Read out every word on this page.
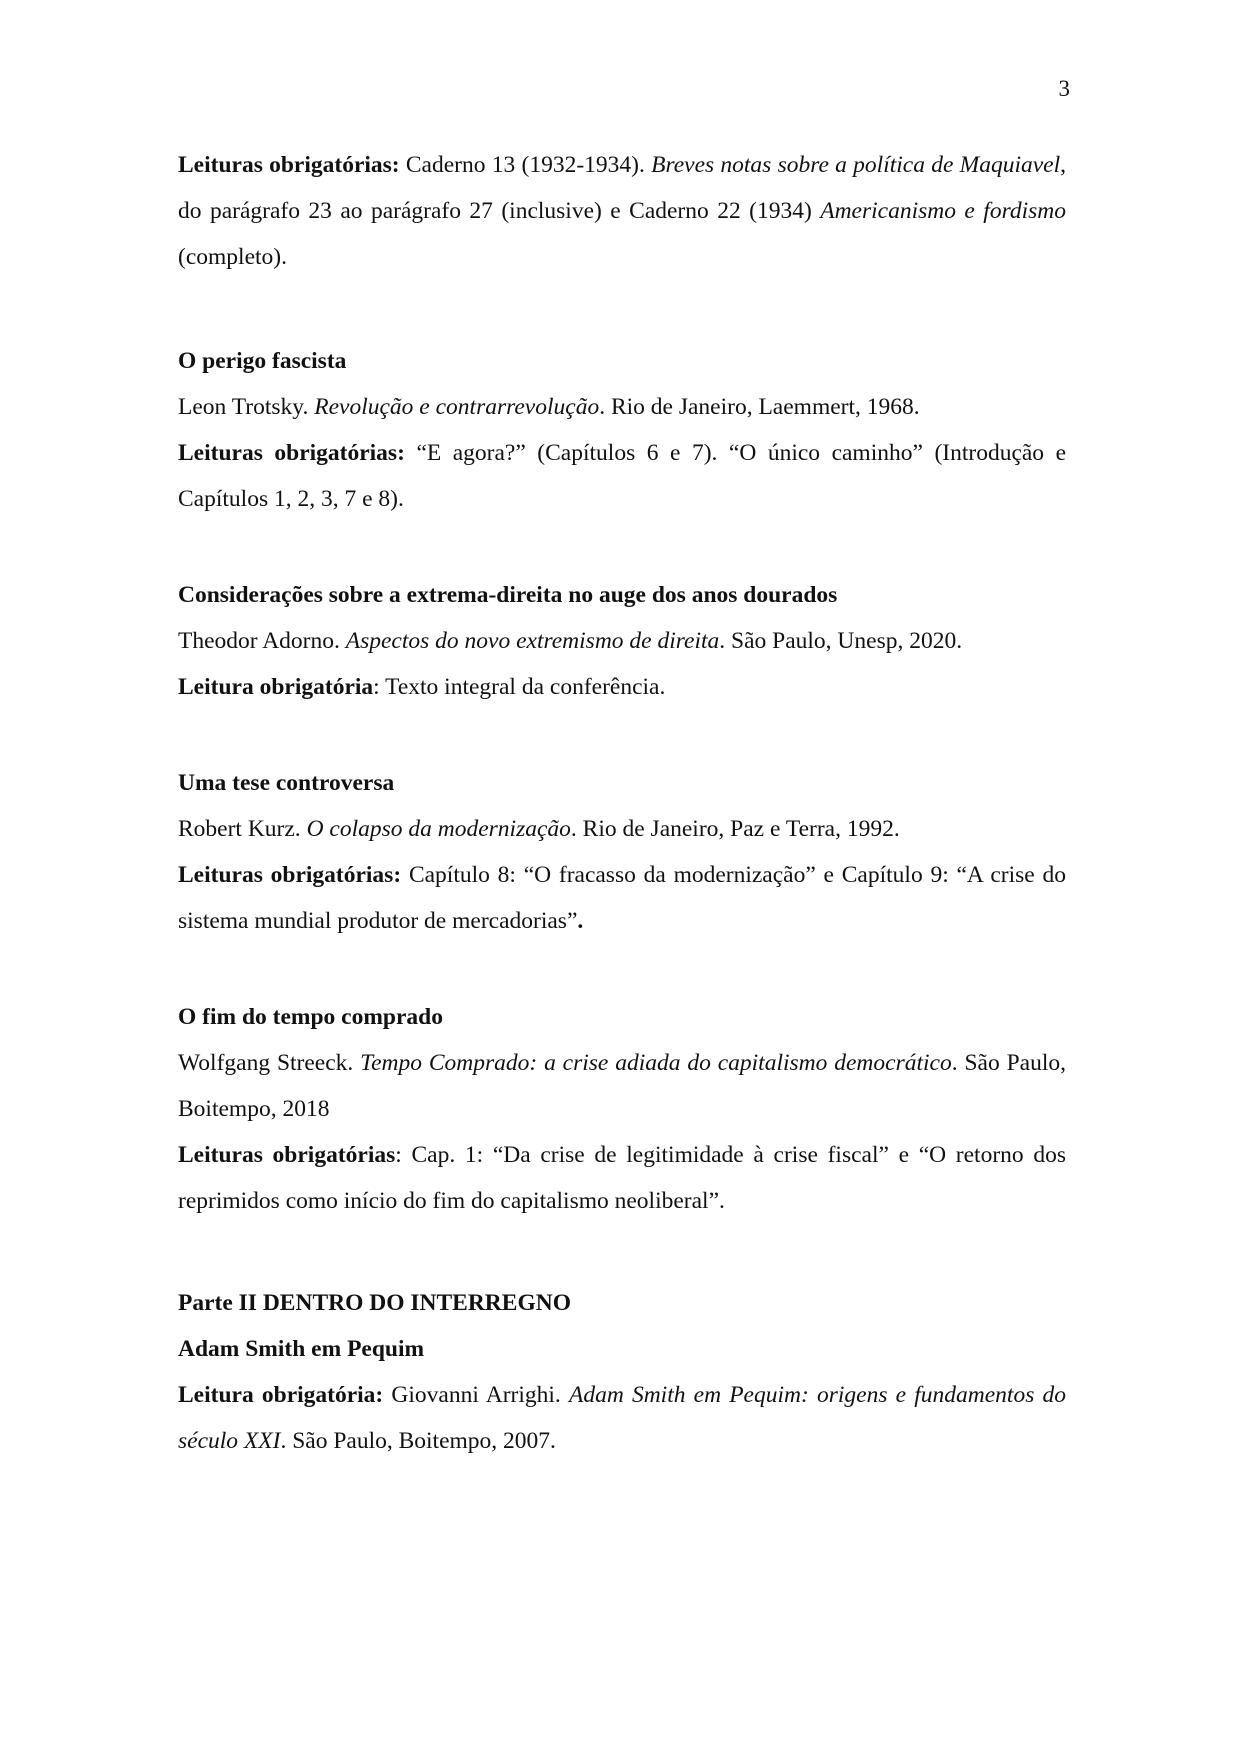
3

Leituras obrigatórias: Caderno 13 (1932-1934). Breves notas sobre a política de Maquiavel, do parágrafo 23 ao parágrafo 27 (inclusive) e Caderno 22 (1934) Americanismo e fordismo (completo).

O perigo fascista

Leon Trotsky. Revolução e contrarrevolução. Rio de Janeiro, Laemmert, 1968.

Leituras obrigatórias: “E agora?” (Capítulos 6 e 7). “O único caminho” (Introdução e Capítulos 1, 2, 3, 7 e 8).

Considerações sobre a extrema-direita no auge dos anos dourados

Theodor Adorno. Aspectos do novo extremismo de direita. São Paulo, Unesp, 2020.

Leitura obrigatória: Texto integral da conferência.

Uma tese controversa

Robert Kurz. O colapso da modernização. Rio de Janeiro, Paz e Terra, 1992.

Leituras obrigatórias: Capítulo 8: “O fracasso da modernização” e Capítulo 9: “A crise do sistema mundial produtor de mercadorias”.

O fim do tempo comprado

Wolfgang Streeck. Tempo Comprado: a crise adiada do capitalismo democrático. São Paulo, Boitempo, 2018

Leituras obrigatórias: Cap. 1: “Da crise de legitimidade à crise fiscal” e “O retorno dos reprimidos como início do fim do capitalismo neoliberal”.

Parte II DENTRO DO INTERREGNO

Adam Smith em Pequim

Leitura obrigatória: Giovanni Arrighi. Adam Smith em Pequim: origens e fundamentos do século XXI. São Paulo, Boitempo, 2007.
